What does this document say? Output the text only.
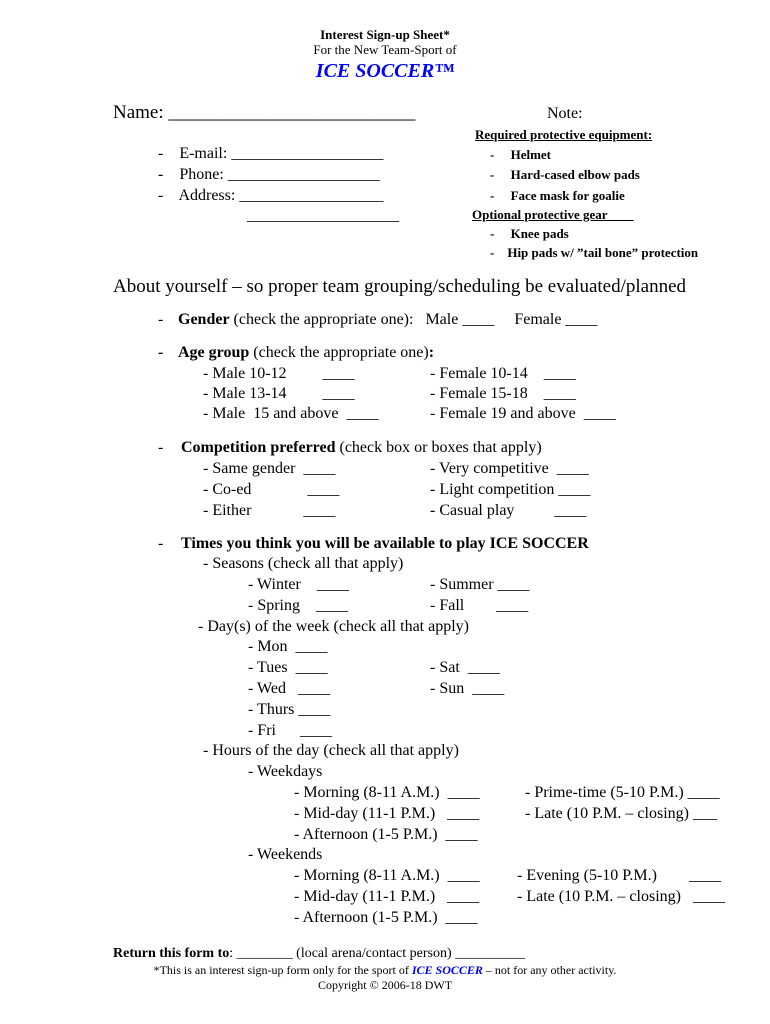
Interest Sign-up Sheet*
For the New Team-Sport of
ICE SOCCER™
Name: __________________________
-    E-mail: ___________________
-    Phone: ___________________
-    Address: __________________
___________________
Note:
Required protective equipment:
-     Helmet
-     Hard-cased elbow pads
-     Face mask for goalie
Optional protective gear____
-     Knee pads
-    Hip pads w/ ”tail bone” protection
About yourself – so proper team grouping/scheduling be evaluated/planned
- Gender (check the appropriate one):   Male ____     Female ____
- Age group (check the appropriate one):
- Male 10-12         ____
- Male 13-14         ____
- Male  15 and above  ____
- Female 10-14    ____
- Female 15-18    ____
- Female 19 and above  ____
- Competition preferred (check box or boxes that apply)
- Same gender  ____
- Co-ed              ____
- Either             ____
- Very competitive  ____
- Light competition ____
- Casual play          ____
- Times you think you will be available to play ICE SOCCER
- Seasons (check all that apply)
- Winter    ____
- Spring    ____
- Summer ____
- Fall        ____
- Day(s) of the week (check all that apply)
- Mon  ____
- Tues  ____
- Wed   ____
- Thurs ____
- Fri      ____
- Sat  ____
- Sun  ____
- Hours of the day (check all that apply)
- Weekdays
- Morning (8-11 A.M.)  ____
- Mid-day (11-1 P.M.)   ____
- Afternoon (1-5 P.M.)  ____
- Prime-time (5-10 P.M.) ____
- Late (10 P.M. – closing) ___
- Weekends
- Morning (8-11 A.M.)  ____
- Mid-day (11-1 P.M.)   ____
- Afternoon (1-5 P.M.)  ____
- Evening (5-10 P.M.)        ____
- Late (10 P.M. – closing)   ____
Return this form to: ________ (local arena/contact person) __________
*This is an interest sign-up form only for the sport of ICE SOCCER – not for any other activity.
Copyright © 2006-18 DWT
